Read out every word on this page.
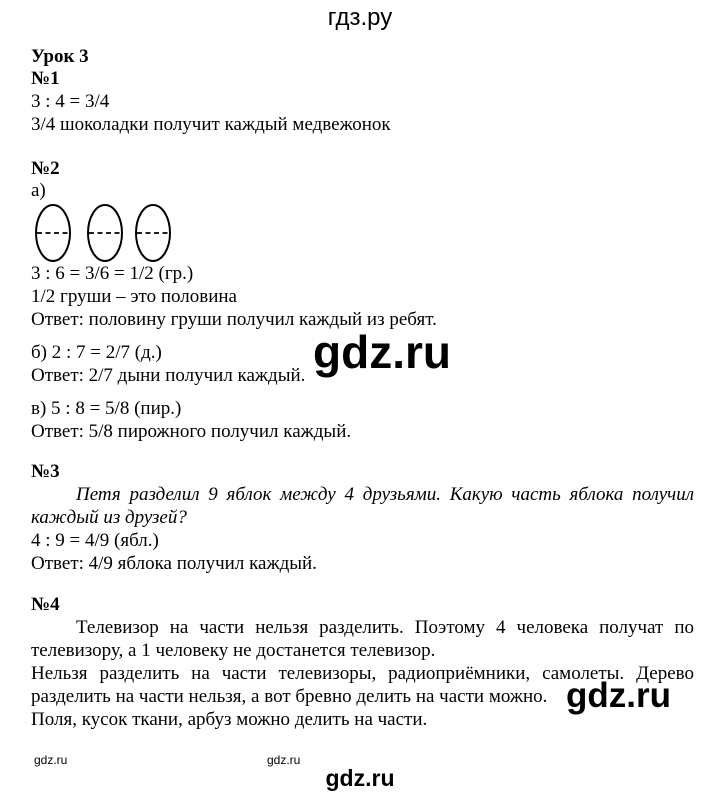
гдз.ру
Урок 3
№1
3 : 4 = 3/4
3/4 шоколадки получит каждый медвежонок
№2
а)
3 : 6 = 3/6 = 1/2 (гр.)
1/2 груши – это половина
Ответ: половину груши получил каждый из ребят.
б) 2 : 7 = 2/7 (д.)
Ответ: 2/7 дыни получил каждый.
в) 5 : 8 = 5/8 (пир.)
Ответ: 5/8 пирожного получил каждый.
№3
Петя разделил 9 яблок между 4 друзьями. Какую часть яблока получил
каждый из друзей?
4 : 9 = 4/9 (ябл.)
Ответ: 4/9 яблока получил каждый.
№4
Телевизор на части нельзя разделить. Поэтому 4 человека получат по
телевизору, а 1 человеку не достанется телевизор.
Нельзя разделить на части телевизоры, радиоприёмники, самолеты. Дерево
разделить на части нельзя, а вот бревно делить на части можно.
Поля, кусок ткани, арбуз можно делить на части.
gdz.ru
gdz.ru
gdz.ru	gdz.ru
gdz.ru
